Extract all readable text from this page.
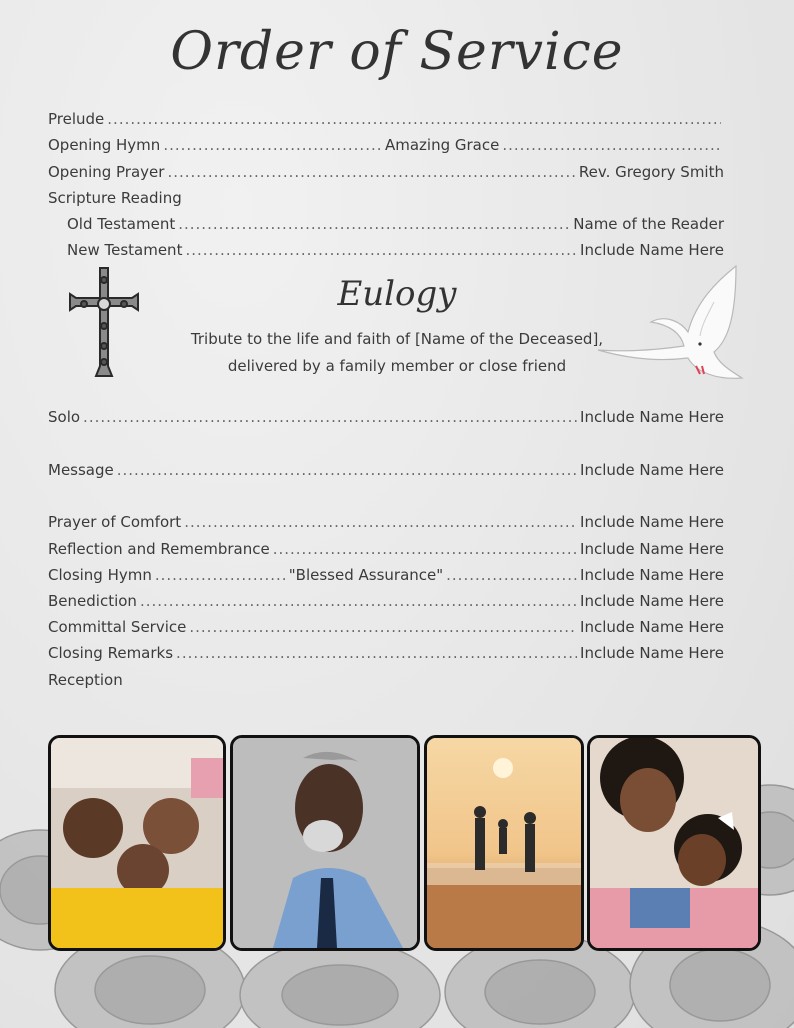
Order of Service
Prelude
.....
Opening Hymn .....	Amazing Grace
.....
Opening Prayer .....	Rev. Gregory Smith
Scripture Reading
Old Testament .....	Name of the Reader
New Testament .....	Include Name Here
Eulogy
Tribute to the life and faith of [Name of the Deceased],
delivered by a family member or close friend
Solo .....	Include Name Here
Message .....	Include Name Here
Prayer of Comfort .....	Include Name Here
Reflection and Remembrance .....	Include Name Here
Closing Hymn .....	"Blessed Assurance" .....	Include Name Here
Benediction .....	Include Name Here
Committal Service .....	Include Name Here
Closing Remarks .....	Include Name Here
Reception
